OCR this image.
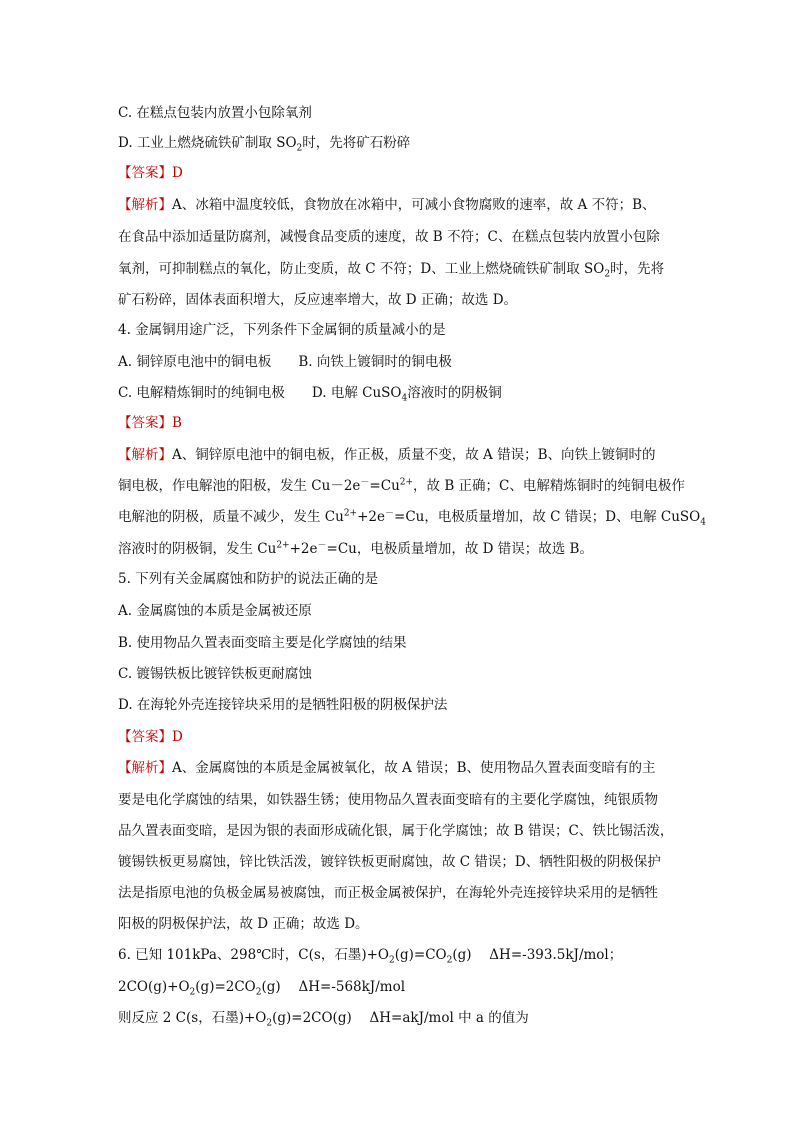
C. 在糕点包装内放置小包除氧剂
D. 工业上燃烧硫铁矿制取 $SO_2$时，先将矿石粉碎
【答案】D
【解析】A、冰箱中温度较低，食物放在冰箱中，可减小食物腐败的速率，故 A 不符；B、
在食品中添加适量防腐剂，减慢食品变质的速度，故 B 不符；C、在糕点包装内放置小包除
氧剂，可抑制糕点的氧化，防止变质，故 C 不符；D、工业上燃烧硫铁矿制取 $SO_2$时，先将
矿石粉碎，固体表面积增大，反应速率增大，故 D 正确；故选 D。
4. 金属铜用途广泛，下列条件下金属铜的质量减小的是
A. 铜锌原电池中的铜电板　　B. 向铁上镀铜时的铜电极
C. 电解精炼铜时的纯铜电极　　D. 电解 CuSO$_4$溶液时的阴极铜
【答案】B
【解析】A、铜锌原电池中的铜电板，作正极，质量不变，故 A 错误；B、向铁上镀铜时的
铜电极，作电解池的阳极，发生 $Cu-2e^-=Cu^{2+}$，故 B 正确；C、电解精炼铜时的纯铜电极作
电解池的阴极，质量不减少，发生 $Cu^{2+}+2e^-=Cu$，电极质量增加，故 C 错误；D、电解 CuSO$_4$
溶液时的阴极铜，发生 $Cu^{2+}+2e^-=Cu$，电极质量增加，故 D 错误；故选 B。
5. 下列有关金属腐蚀和防护的说法正确的是
A. 金属腐蚀的本质是金属被还原
B. 使用物品久置表面变暗主要是化学腐蚀的结果
C. 镀锡铁板比镀锌铁板更耐腐蚀
D. 在海轮外壳连接锌块采用的是牺牲阳极的阴极保护法
【答案】D
【解析】A、金属腐蚀的本质是金属被氧化，故 A 错误；B、使用物品久置表面变暗有的主
要是电化学腐蚀的结果，如铁器生锈；使用物品久置表面变暗有的主要化学腐蚀，纯银质物
品久置表面变暗，是因为银的表面形成硫化银，属于化学腐蚀；故 B 错误；C、铁比锡活泼，
镀锡铁板更易腐蚀，锌比铁活泼，镀锌铁板更耐腐蚀，故 C 错误；D、牺牲阳极的阴极保护
法是指原电池的负极金属易被腐蚀，而正极金属被保护，在海轮外壳连接锌块采用的是牺牲
阳极的阴极保护法，故 D 正确；故选 D。
6. 已知 101kPa、298℃时，C(s，石墨)$+O_2(g)=CO_2(g)$　 ΔH=-393.5kJ/mol；
$2CO(g)+O_2(g)=2CO_2(g)$　 ΔH=-568kJ/mol
则反应 2 C(s，石墨)$+O_2(g)=2CO(g)$　 ΔH=akJ/mol 中 a 的值为
